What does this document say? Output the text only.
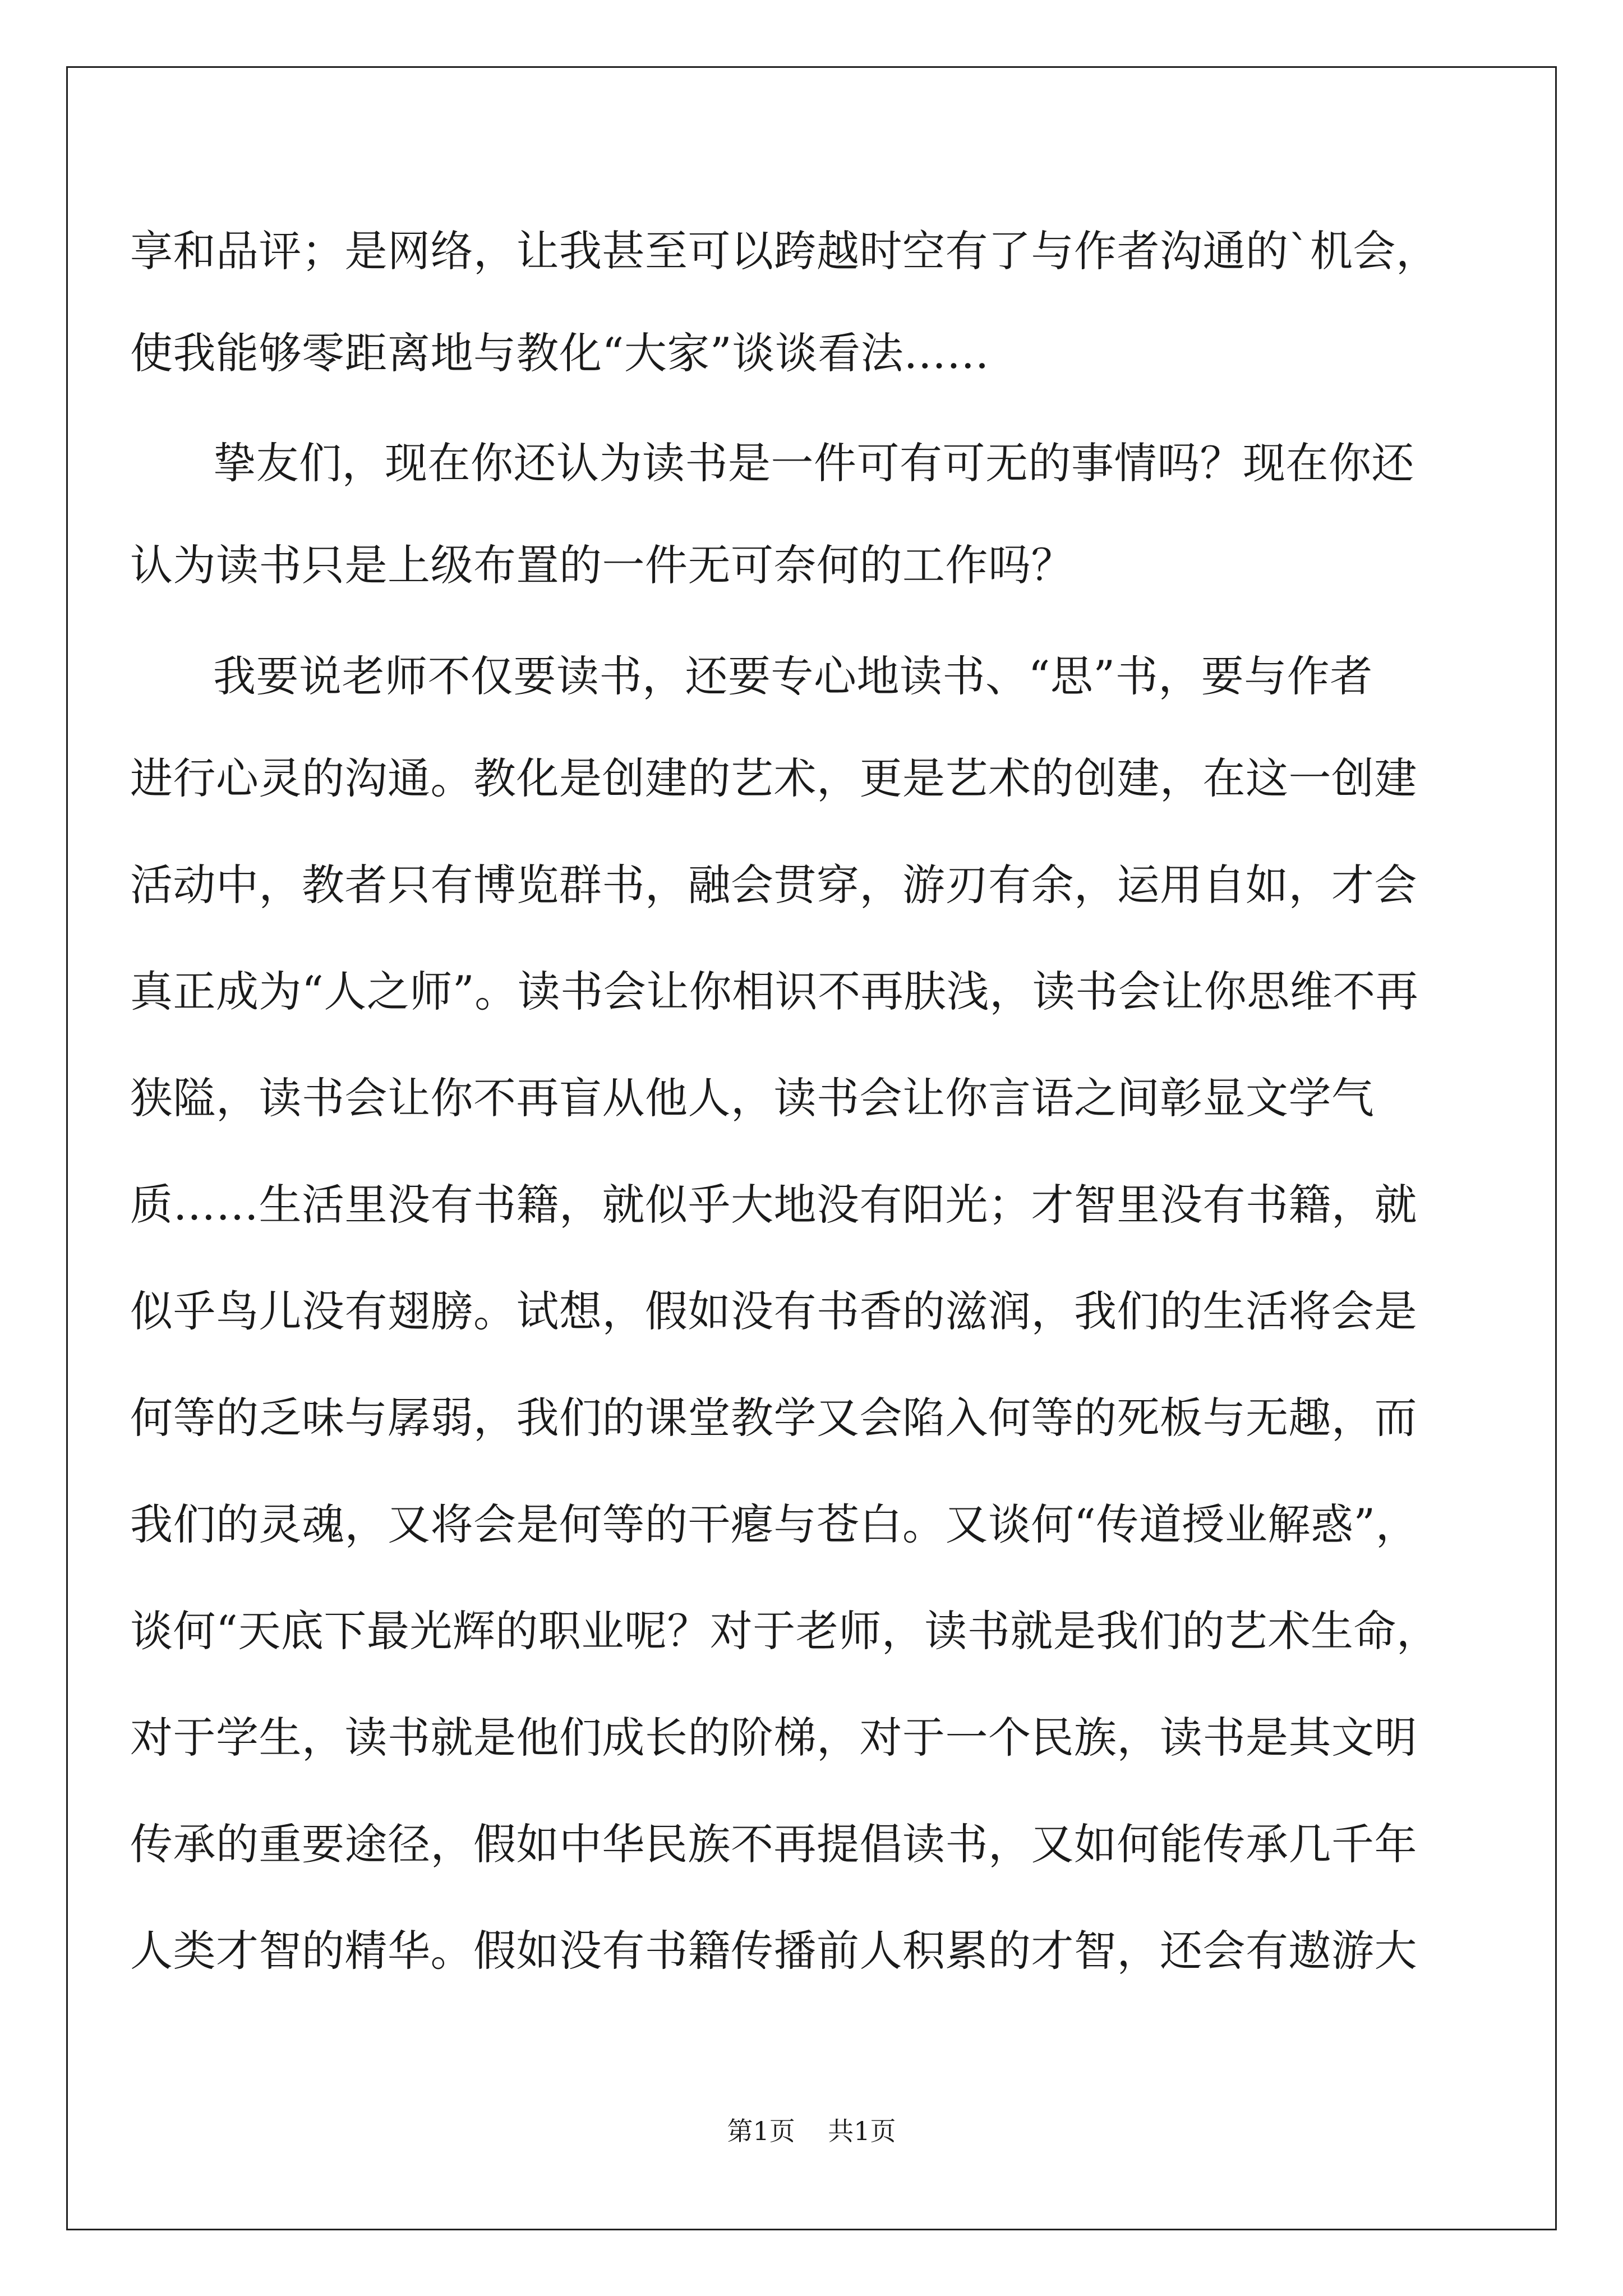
享和品评；是网络，让我甚至可以跨越时空有了与作者沟通的`机会，
使我能够零距离地与教化“大家”谈谈看法……
挚友们，现在你还认为读书是一件可有可无的事情吗？现在你还
认为读书只是上级布置的一件无可奈何的工作吗？
我要说老师不仅要读书，还要专心地读书、“思”书，要与作者
进行心灵的沟通。教化是创建的艺术，更是艺术的创建，在这一创建
活动中，教者只有博览群书，融会贯穿，游刃有余，运用自如，才会
真正成为“人之师”。读书会让你相识不再肤浅，读书会让你思维不再
狭隘，读书会让你不再盲从他人，读书会让你言语之间彰显文学气
质……生活里没有书籍，就似乎大地没有阳光；才智里没有书籍，就
似乎鸟儿没有翅膀。试想，假如没有书香的滋润，我们的生活将会是
何等的乏味与孱弱，我们的课堂教学又会陷入何等的死板与无趣，而
我们的灵魂，又将会是何等的干瘪与苍白。又谈何“传道授业解惑”，
谈何“天底下最光辉的职业呢？对于老师，读书就是我们的艺术生命，
对于学生，读书就是他们成长的阶梯，对于一个民族，读书是其文明
传承的重要途径，假如中华民族不再提倡读书，又如何能传承几千年
人类才智的精华。假如没有书籍传播前人积累的才智，还会有遨游大
第1页 共1页
